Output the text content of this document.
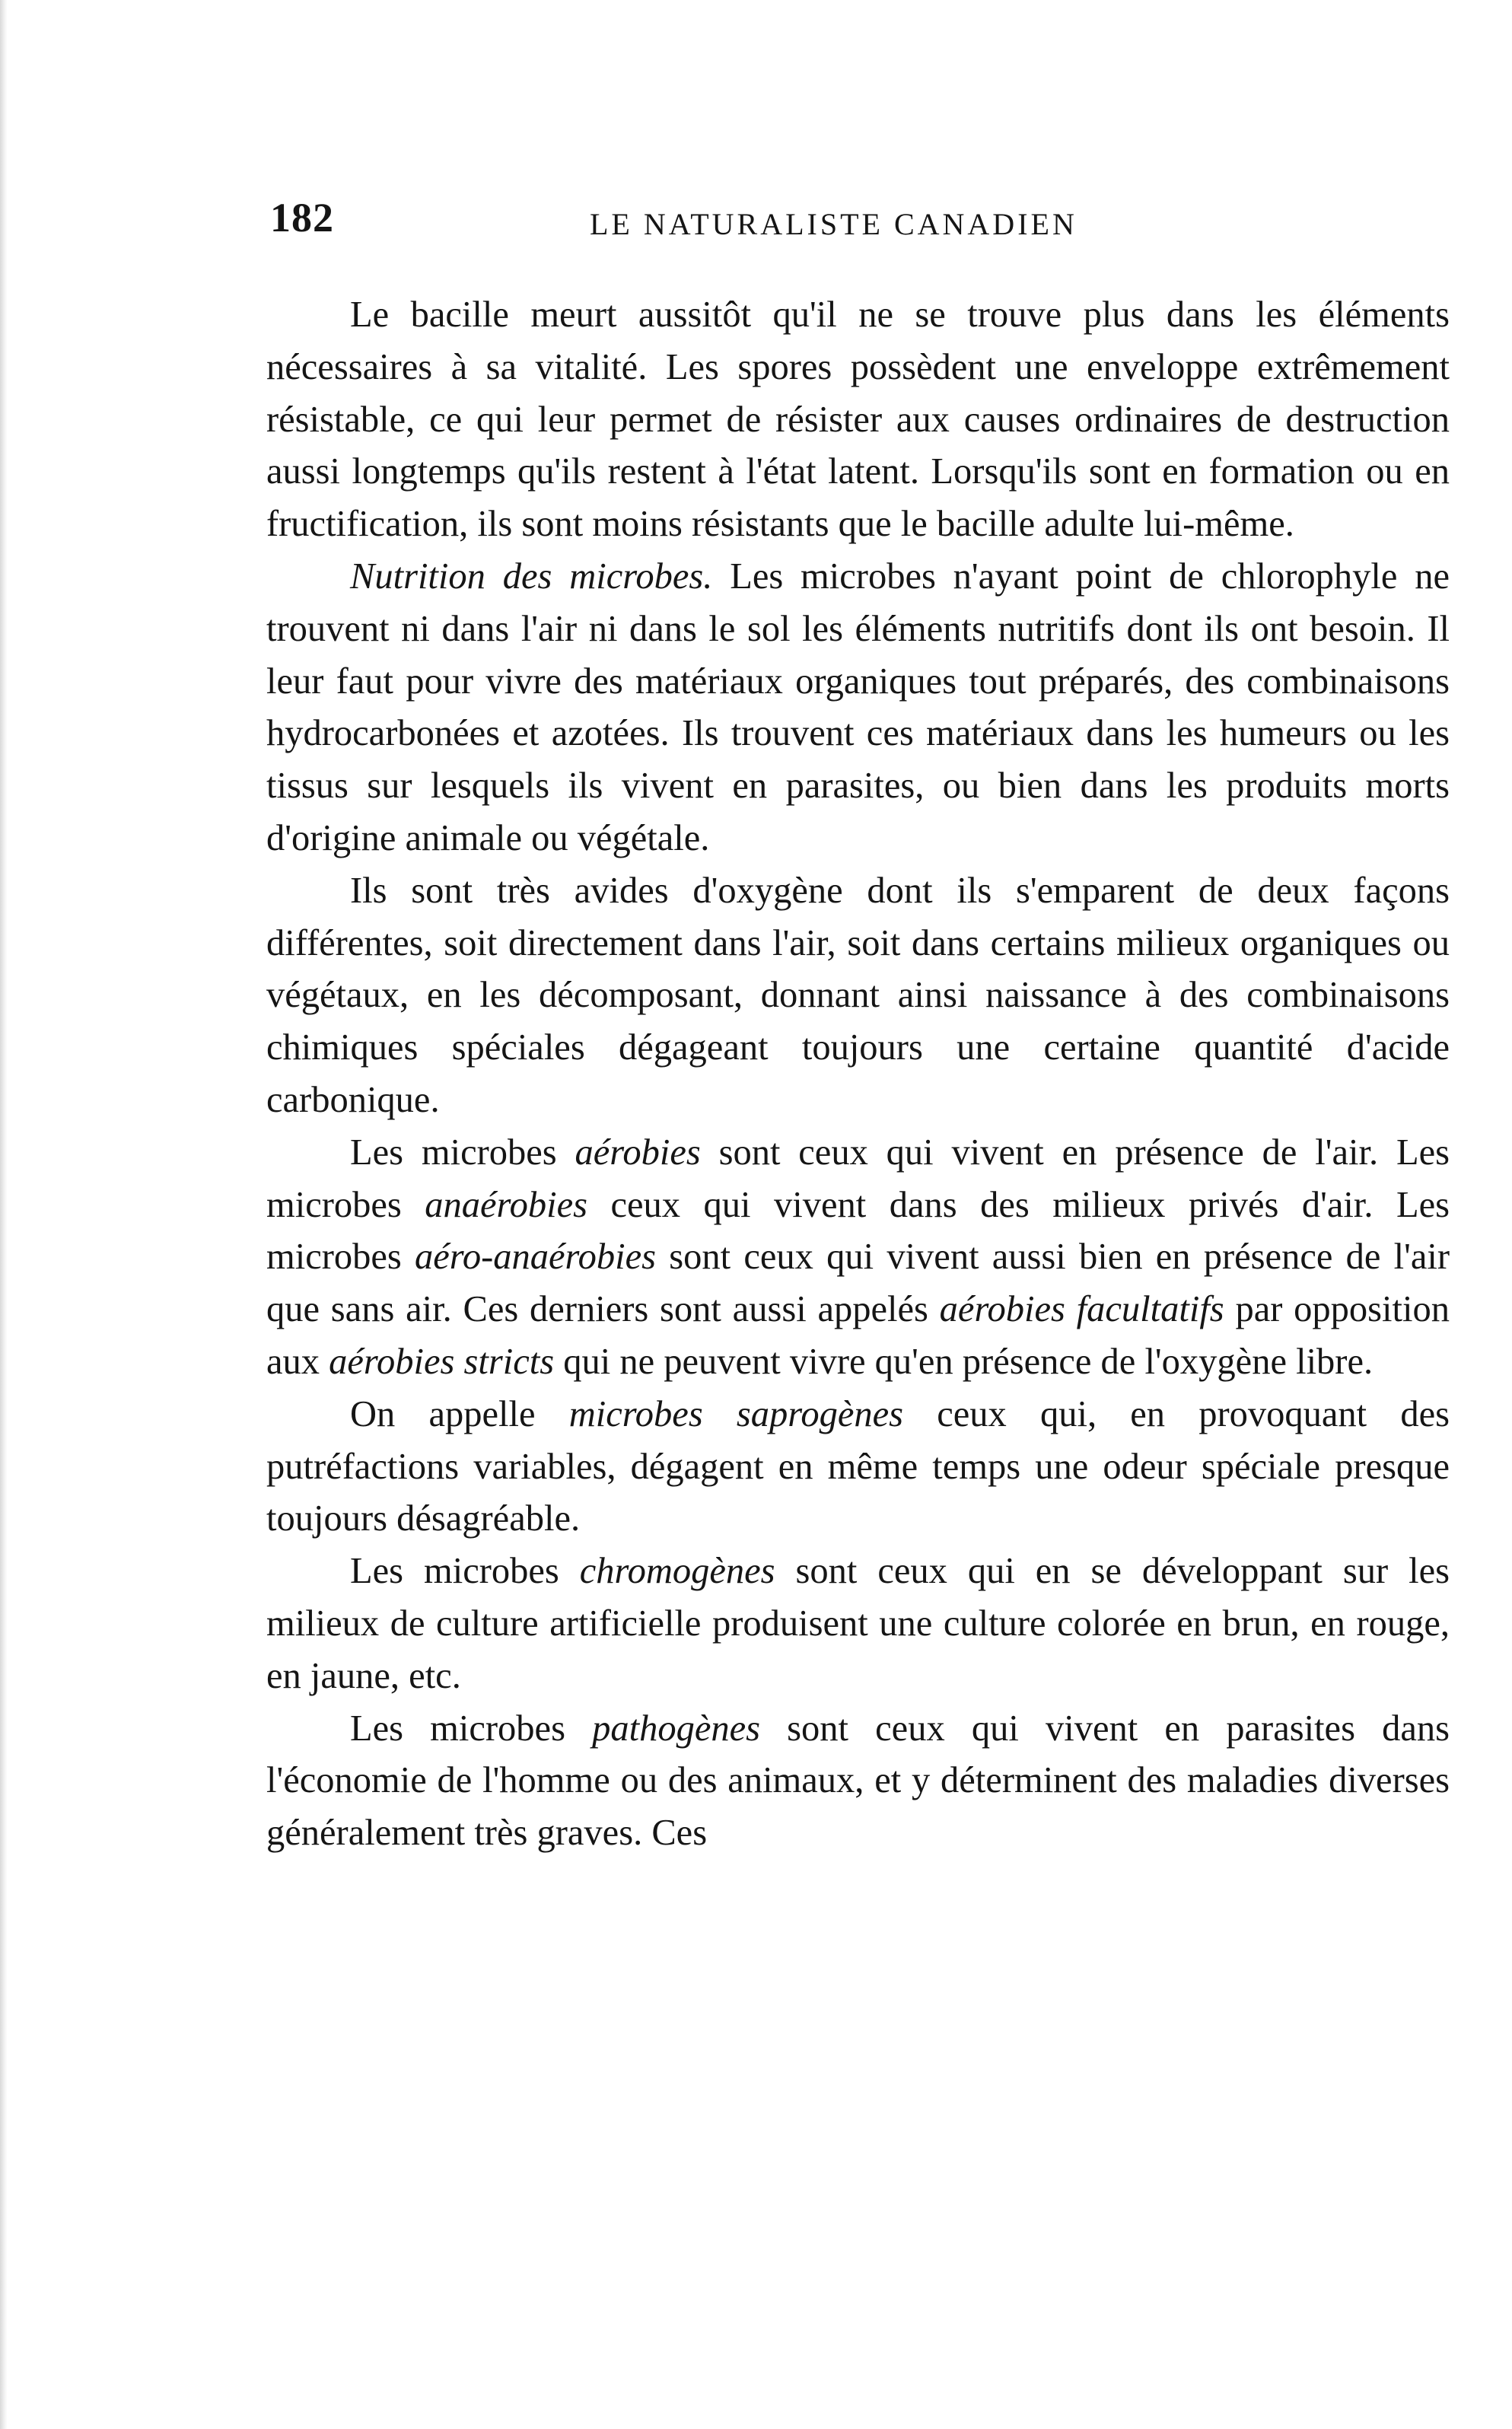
182	LE NATURALISTE CANADIEN

Le bacille meurt aussitôt qu'il ne se trouve plus dans les éléments nécessaires à sa vitalité. Les spores possèdent une enveloppe extrêmement résistable, ce qui leur permet de résister aux causes ordinaires de destruction aussi longtemps qu'ils restent à l'état latent. Lorsqu'ils sont en formation ou en fructification, ils sont moins résistants que le bacille adulte lui-même.

Nutrition des microbes. Les microbes n'ayant point de chlorophyle ne trouvent ni dans l'air ni dans le sol les éléments nutritifs dont ils ont besoin. Il leur faut pour vivre des matériaux organiques tout préparés, des combinaisons hydrocarbonées et azotées. Ils trouvent ces matériaux dans les humeurs ou les tissus sur lesquels ils vivent en parasites, ou bien dans les produits morts d'origine animale ou végétale.

Ils sont très avides d'oxygène dont ils s'emparent de deux façons différentes, soit directement dans l'air, soit dans certains milieux organiques ou végétaux, en les décomposant, donnant ainsi naissance à des combinaisons chimiques spéciales dégageant toujours une certaine quantité d'acide carbonique.

Les microbes aérobies sont ceux qui vivent en présence de l'air. Les microbes anaérobies ceux qui vivent dans des milieux privés d'air. Les microbes aéro-anaérobies sont ceux qui vivent aussi bien en présence de l'air que sans air. Ces derniers sont aussi appelés aérobies facultatifs par opposition aux aérobies stricts qui ne peuvent vivre qu'en présence de l'oxygène libre.

On appelle microbes saprogènes ceux qui, en provoquant des putréfactions variables, dégagent en même temps une odeur spéciale presque toujours désagréable.

Les microbes chromogènes sont ceux qui en se développant sur les milieux de culture artificielle produisent une culture colorée en brun, en rouge, en jaune, etc.

Les microbes pathogènes sont ceux qui vivent en parasites dans l'économie de l'homme ou des animaux, et y déterminent des maladies diverses généralement très graves. Ces
